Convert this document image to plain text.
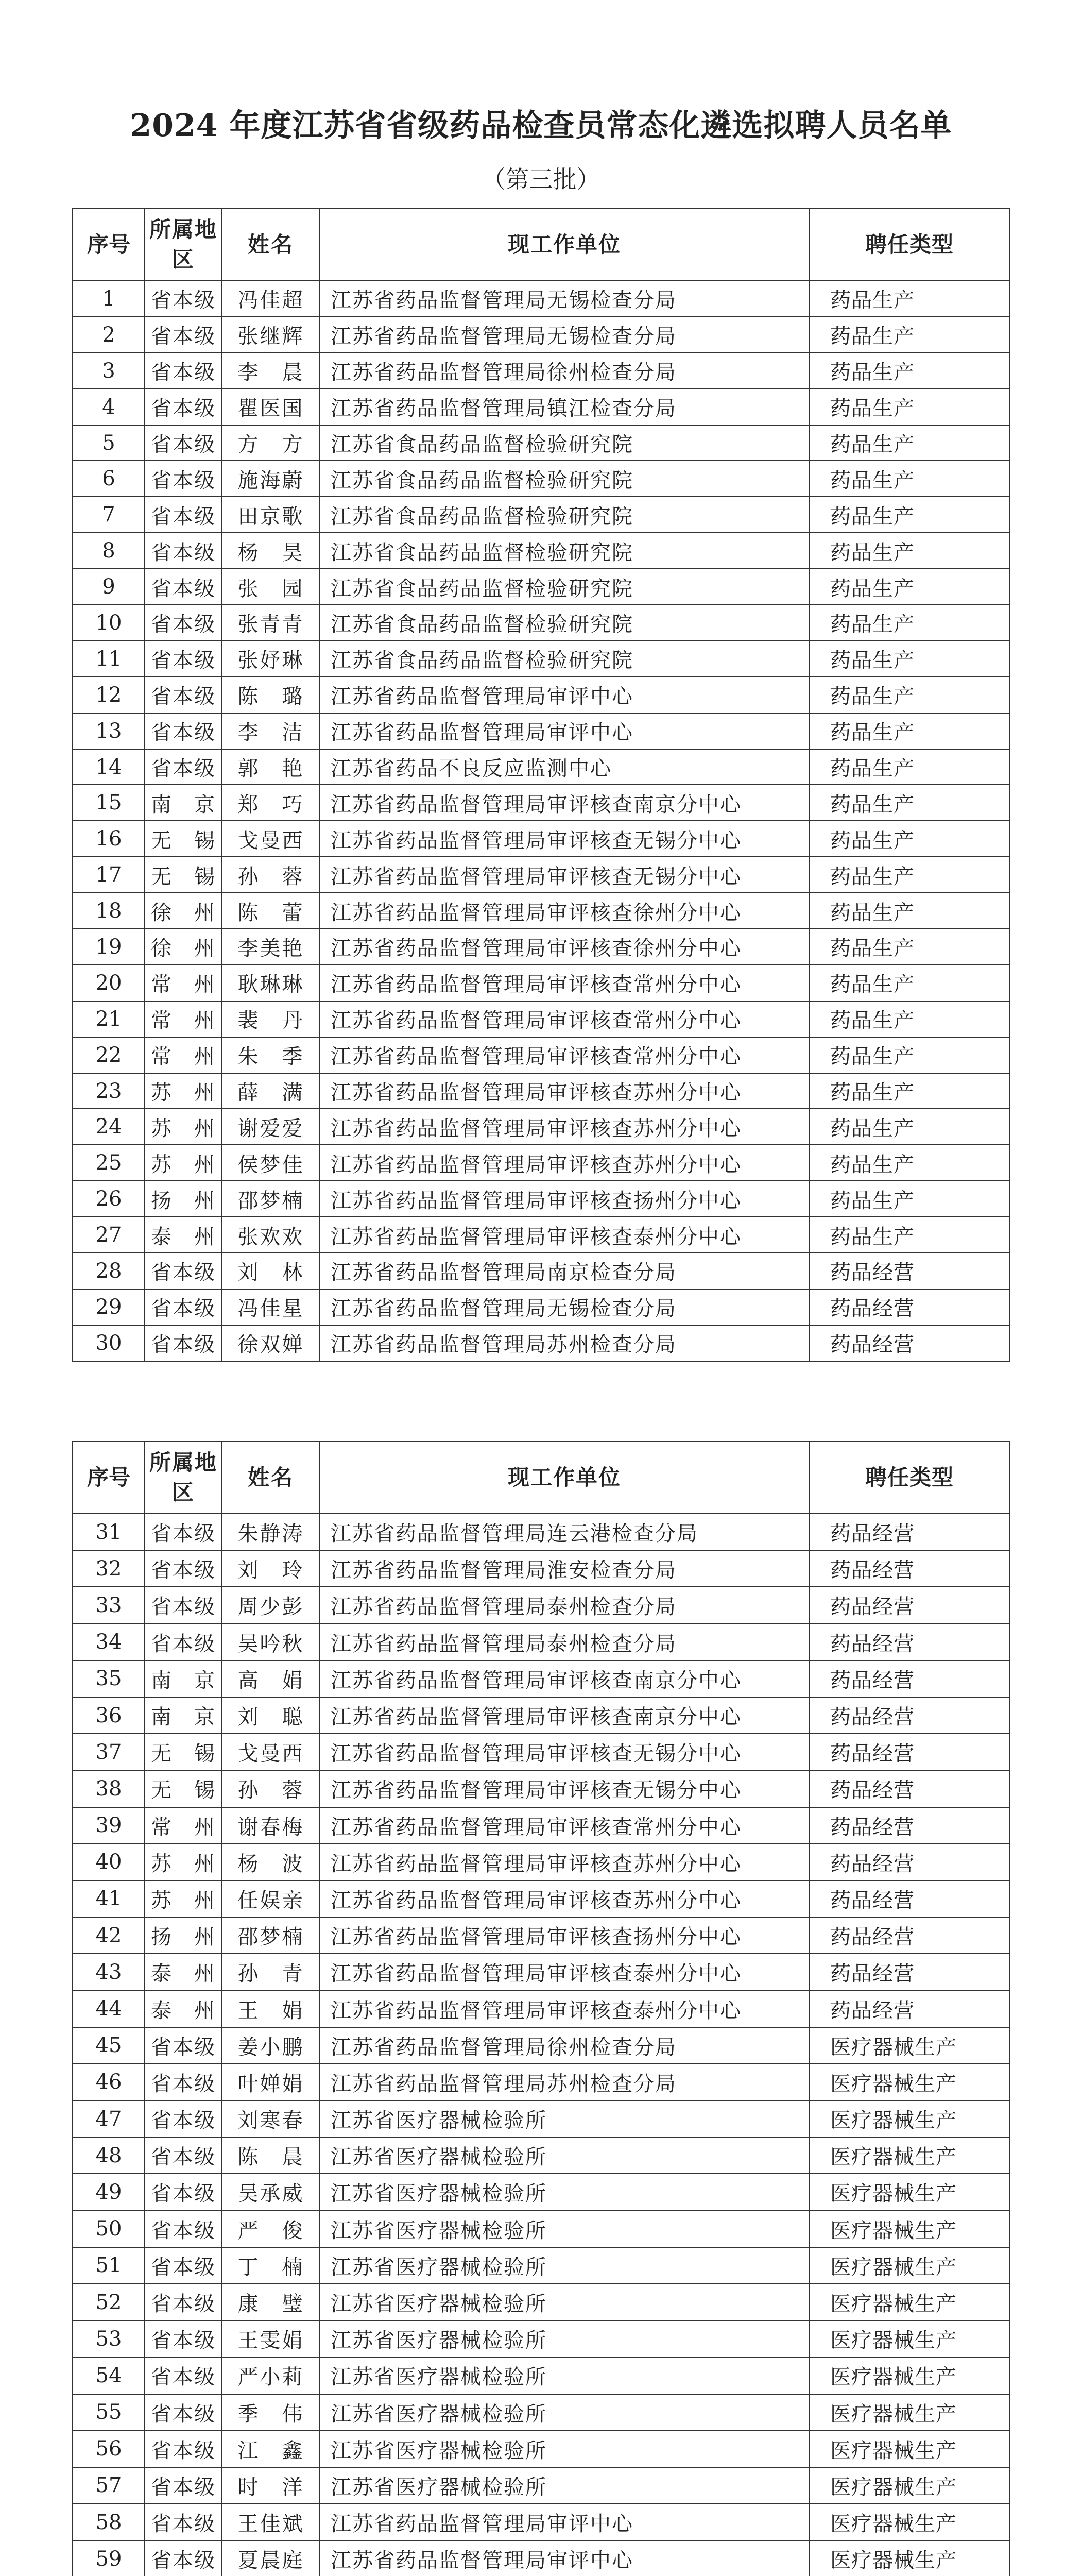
2024 年度江苏省省级药品检查员常态化遴选拟聘人员名单
（第三批）
序号	所属地区	姓名	现工作单位	聘任类型
1	省本级	冯佳超	江苏省药品监督管理局无锡检查分局	药品生产
2	省本级	张继辉	江苏省药品监督管理局无锡检查分局	药品生产
3	省本级	李　晨	江苏省药品监督管理局徐州检查分局	药品生产
4	省本级	瞿医国	江苏省药品监督管理局镇江检查分局	药品生产
5	省本级	方　方	江苏省食品药品监督检验研究院	药品生产
6	省本级	施海蔚	江苏省食品药品监督检验研究院	药品生产
7	省本级	田京歌	江苏省食品药品监督检验研究院	药品生产
8	省本级	杨　昊	江苏省食品药品监督检验研究院	药品生产
9	省本级	张　园	江苏省食品药品监督检验研究院	药品生产
10	省本级	张青青	江苏省食品药品监督检验研究院	药品生产
11	省本级	张妤琳	江苏省食品药品监督检验研究院	药品生产
12	省本级	陈　璐	江苏省药品监督管理局审评中心	药品生产
13	省本级	李　洁	江苏省药品监督管理局审评中心	药品生产
14	省本级	郭　艳	江苏省药品不良反应监测中心	药品生产
15	南　京	郑　巧	江苏省药品监督管理局审评核查南京分中心	药品生产
16	无　锡	戈曼西	江苏省药品监督管理局审评核查无锡分中心	药品生产
17	无　锡	孙　蓉	江苏省药品监督管理局审评核查无锡分中心	药品生产
18	徐　州	陈　蕾	江苏省药品监督管理局审评核查徐州分中心	药品生产
19	徐　州	李美艳	江苏省药品监督管理局审评核查徐州分中心	药品生产
20	常　州	耿琳琳	江苏省药品监督管理局审评核查常州分中心	药品生产
21	常　州	裴　丹	江苏省药品监督管理局审评核查常州分中心	药品生产
22	常　州	朱　季	江苏省药品监督管理局审评核查常州分中心	药品生产
23	苏　州	薛　满	江苏省药品监督管理局审评核查苏州分中心	药品生产
24	苏　州	谢爱爱	江苏省药品监督管理局审评核查苏州分中心	药品生产
25	苏　州	侯梦佳	江苏省药品监督管理局审评核查苏州分中心	药品生产
26	扬　州	邵梦楠	江苏省药品监督管理局审评核查扬州分中心	药品生产
27	泰　州	张欢欢	江苏省药品监督管理局审评核查泰州分中心	药品生产
28	省本级	刘　林	江苏省药品监督管理局南京检查分局	药品经营
29	省本级	冯佳星	江苏省药品监督管理局无锡检查分局	药品经营
30	省本级	徐双婵	江苏省药品监督管理局苏州检查分局	药品经营
序号	所属地区	姓名	现工作单位	聘任类型
31	省本级	朱静涛	江苏省药品监督管理局连云港检查分局	药品经营
32	省本级	刘　玲	江苏省药品监督管理局淮安检查分局	药品经营
33	省本级	周少彭	江苏省药品监督管理局泰州检查分局	药品经营
34	省本级	吴吟秋	江苏省药品监督管理局泰州检查分局	药品经营
35	南　京	高　娟	江苏省药品监督管理局审评核查南京分中心	药品经营
36	南　京	刘　聪	江苏省药品监督管理局审评核查南京分中心	药品经营
37	无　锡	戈曼西	江苏省药品监督管理局审评核查无锡分中心	药品经营
38	无　锡	孙　蓉	江苏省药品监督管理局审评核查无锡分中心	药品经营
39	常　州	谢春梅	江苏省药品监督管理局审评核查常州分中心	药品经营
40	苏　州	杨　波	江苏省药品监督管理局审评核查苏州分中心	药品经营
41	苏　州	任娱亲	江苏省药品监督管理局审评核查苏州分中心	药品经营
42	扬　州	邵梦楠	江苏省药品监督管理局审评核查扬州分中心	药品经营
43	泰　州	孙　青	江苏省药品监督管理局审评核查泰州分中心	药品经营
44	泰　州	王　娟	江苏省药品监督管理局审评核查泰州分中心	药品经营
45	省本级	姜小鹏	江苏省药品监督管理局徐州检查分局	医疗器械生产
46	省本级	叶婵娟	江苏省药品监督管理局苏州检查分局	医疗器械生产
47	省本级	刘寒春	江苏省医疗器械检验所	医疗器械生产
48	省本级	陈　晨	江苏省医疗器械检验所	医疗器械生产
49	省本级	吴承威	江苏省医疗器械检验所	医疗器械生产
50	省本级	严　俊	江苏省医疗器械检验所	医疗器械生产
51	省本级	丁　楠	江苏省医疗器械检验所	医疗器械生产
52	省本级	康　璧	江苏省医疗器械检验所	医疗器械生产
53	省本级	王雯娟	江苏省医疗器械检验所	医疗器械生产
54	省本级	严小莉	江苏省医疗器械检验所	医疗器械生产
55	省本级	季　伟	江苏省医疗器械检验所	医疗器械生产
56	省本级	江　鑫	江苏省医疗器械检验所	医疗器械生产
57	省本级	时　洋	江苏省医疗器械检验所	医疗器械生产
58	省本级	王佳斌	江苏省药品监督管理局审评中心	医疗器械生产
59	省本级	夏晨庭	江苏省药品监督管理局审评中心	医疗器械生产
